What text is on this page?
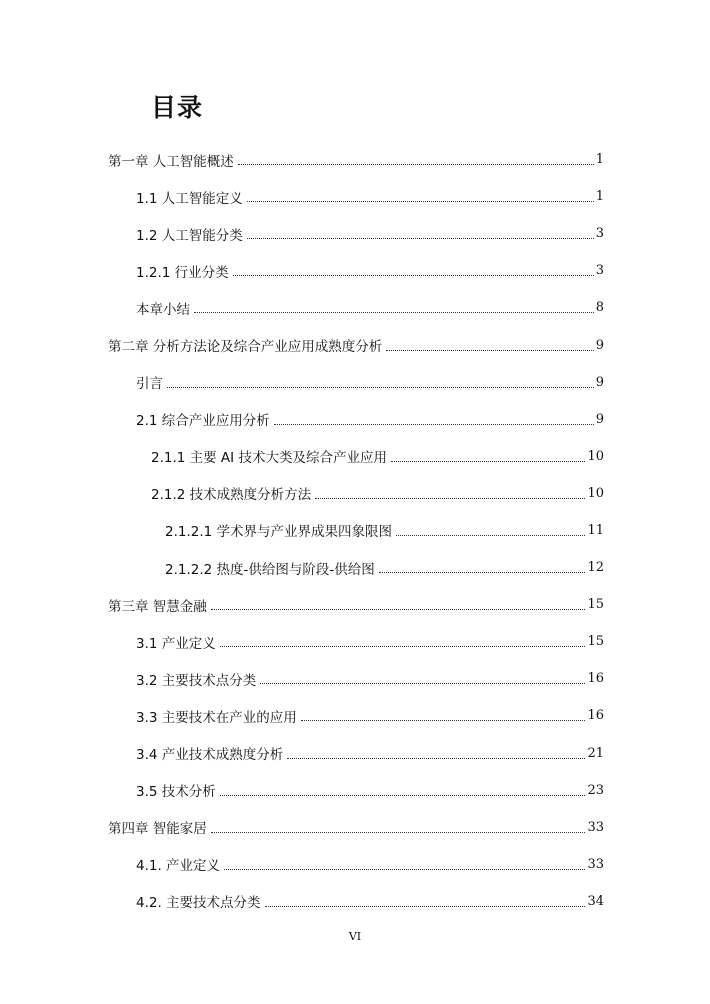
目录
第一章 人工智能概述	1
1.1 人工智能定义	1
1.2 人工智能分类	3
1.2.1 行业分类	3
本章小结	8
第二章 分析方法论及综合产业应用成熟度分析	9
引言	9
2.1 综合产业应用分析	9
2.1.1 主要 AI 技术大类及综合产业应用	10
2.1.2 技术成熟度分析方法	10
2.1.2.1 学术界与产业界成果四象限图	11
2.1.2.2 热度-供给图与阶段-供给图	12
第三章 智慧金融	15
3.1 产业定义	15
3.2 主要技术点分类	16
3.3 主要技术在产业的应用	16
3.4 产业技术成熟度分析	21
3.5 技术分析	23
第四章 智能家居	33
4.1. 产业定义	33
4.2. 主要技术点分类	34
VI
